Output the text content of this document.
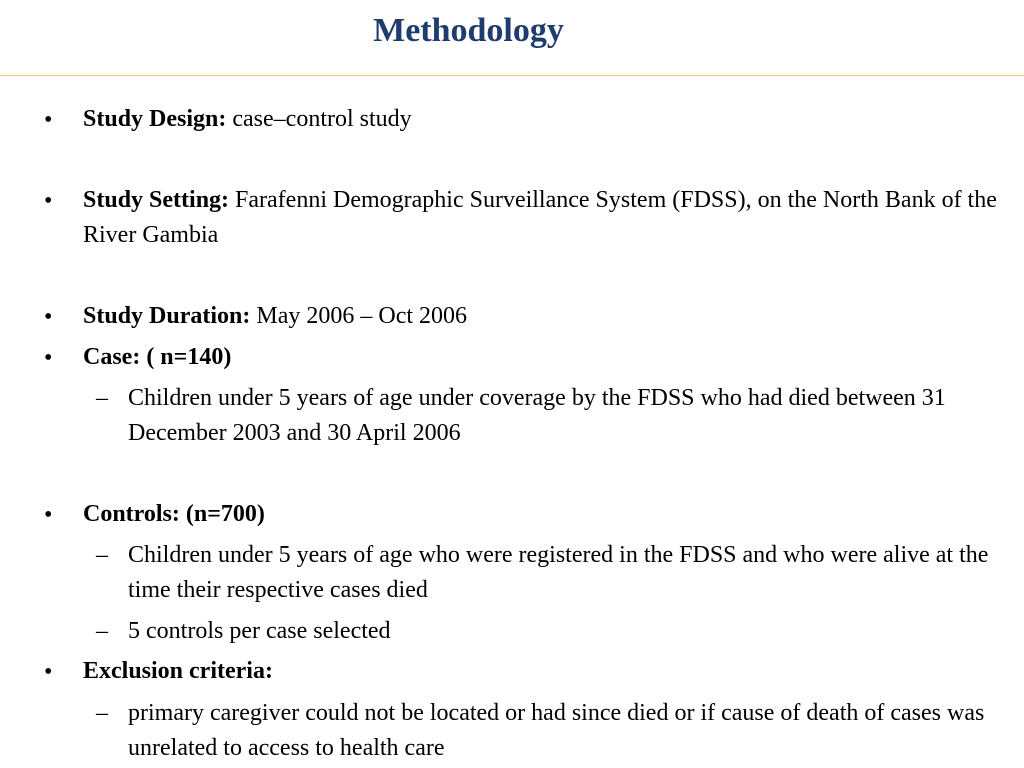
Methodology
• Study Design: case–control study
• Study Setting: Farafenni Demographic Surveillance System (FDSS), on the North Bank of the River Gambia
• Study Duration: May 2006 – Oct 2006
• Case: ( n=140)
– Children under 5 years of age under coverage by the FDSS who had died between 31 December 2003 and 30 April 2006
• Controls: (n=700)
– Children under 5 years of age who were registered in the FDSS and who were alive at the time their respective cases died
– 5 controls per case selected
• Exclusion criteria:
– primary caregiver could not be located or had since died or if cause of death of cases was unrelated to access to health care
